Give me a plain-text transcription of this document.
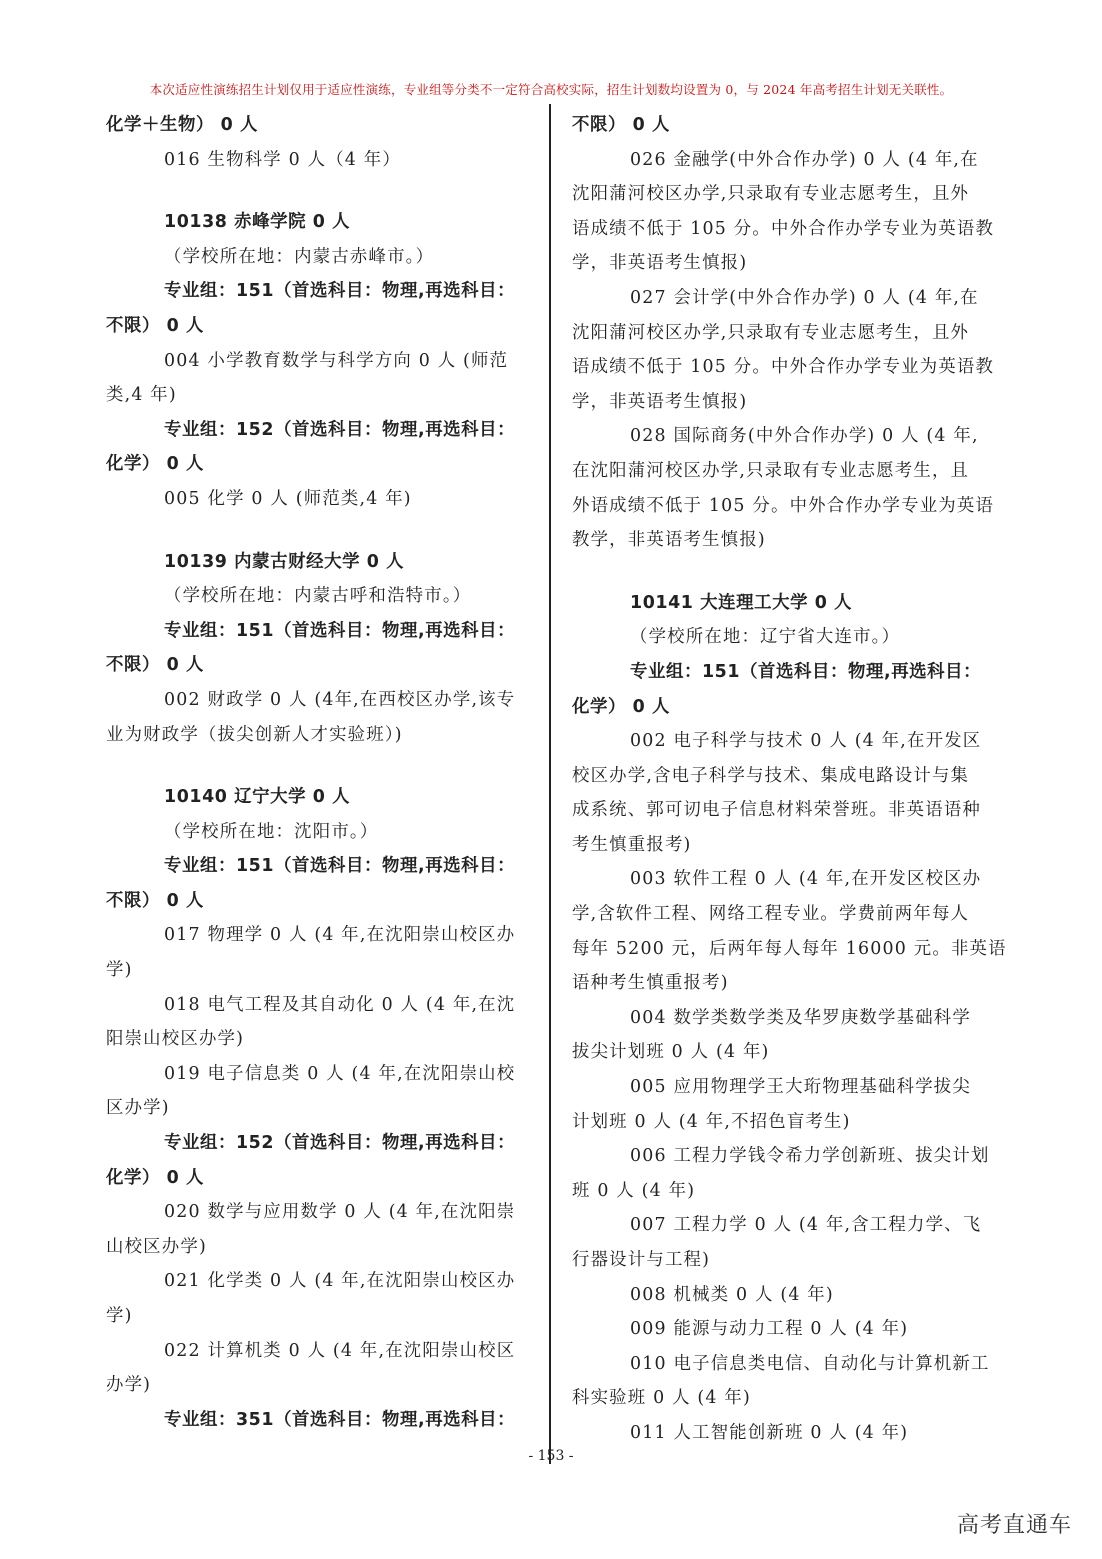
本次适应性演练招生计划仅用于适应性演练，专业组等分类不一定符合高校实际，招生计划数均设置为 0，与 2024 年高考招生计划无关联性。
化学＋生物） 0 人
016 生物科学 0 人（4 年）
10138 赤峰学院 0 人
（学校所在地：内蒙古赤峰市。）
专业组：151（首选科目：物理,再选科目：
不限） 0 人
004 小学教育数学与科学方向 0 人 (师范
类,4 年)
专业组：152（首选科目：物理,再选科目：
化学） 0 人
005 化学 0 人 (师范类,4 年)
10139 内蒙古财经大学 0 人
（学校所在地：内蒙古呼和浩特市。）
专业组：151（首选科目：物理,再选科目：
不限） 0 人
002 财政学 0 人 (4年,在西校区办学,该专
业为财政学（拔尖创新人才实验班）)
10140 辽宁大学 0 人
（学校所在地：沈阳市。）
专业组：151（首选科目：物理,再选科目：
不限） 0 人
017 物理学 0 人 (4 年,在沈阳崇山校区办
学)
018 电气工程及其自动化 0 人 (4 年,在沈
阳崇山校区办学)
019 电子信息类 0 人 (4 年,在沈阳崇山校
区办学)
专业组：152（首选科目：物理,再选科目：
化学） 0 人
020 数学与应用数学 0 人 (4 年,在沈阳崇
山校区办学)
021 化学类 0 人 (4 年,在沈阳崇山校区办
学)
022 计算机类 0 人 (4 年,在沈阳崇山校区
办学)
专业组：351（首选科目：物理,再选科目：
不限） 0 人
026 金融学(中外合作办学) 0 人 (4 年,在
沈阳蒲河校区办学,只录取有专业志愿考生，且外
语成绩不低于 105 分。中外合作办学专业为英语教
学，非英语考生慎报)
027 会计学(中外合作办学) 0 人 (4 年,在
沈阳蒲河校区办学,只录取有专业志愿考生，且外
语成绩不低于 105 分。中外合作办学专业为英语教
学，非英语考生慎报)
028 国际商务(中外合作办学) 0 人 (4 年,
在沈阳蒲河校区办学,只录取有专业志愿考生，且
外语成绩不低于 105 分。中外合作办学专业为英语
教学，非英语考生慎报)
10141 大连理工大学 0 人
（学校所在地：辽宁省大连市。）
专业组：151（首选科目：物理,再选科目：
化学） 0 人
002 电子科学与技术 0 人 (4 年,在开发区
校区办学,含电子科学与技术、集成电路设计与集
成系统、郭可讱电子信息材料荣誉班。非英语语种
考生慎重报考)
003 软件工程 0 人 (4 年,在开发区校区办
学,含软件工程、网络工程专业。学费前两年每人
每年 5200 元，后两年每人每年 16000 元。非英语
语种考生慎重报考)
004 数学类数学类及华罗庚数学基础科学
拔尖计划班 0 人 (4 年)
005 应用物理学王大珩物理基础科学拔尖
计划班 0 人 (4 年,不招色盲考生)
006 工程力学钱令希力学创新班、拔尖计划
班 0 人 (4 年)
007 工程力学 0 人 (4 年,含工程力学、飞
行器设计与工程)
008 机械类 0 人 (4 年)
009 能源与动力工程 0 人 (4 年)
010 电子信息类电信、自动化与计算机新工
科实验班 0 人 (4 年)
011 人工智能创新班 0 人 (4 年)
- 153 -
高考直通车
